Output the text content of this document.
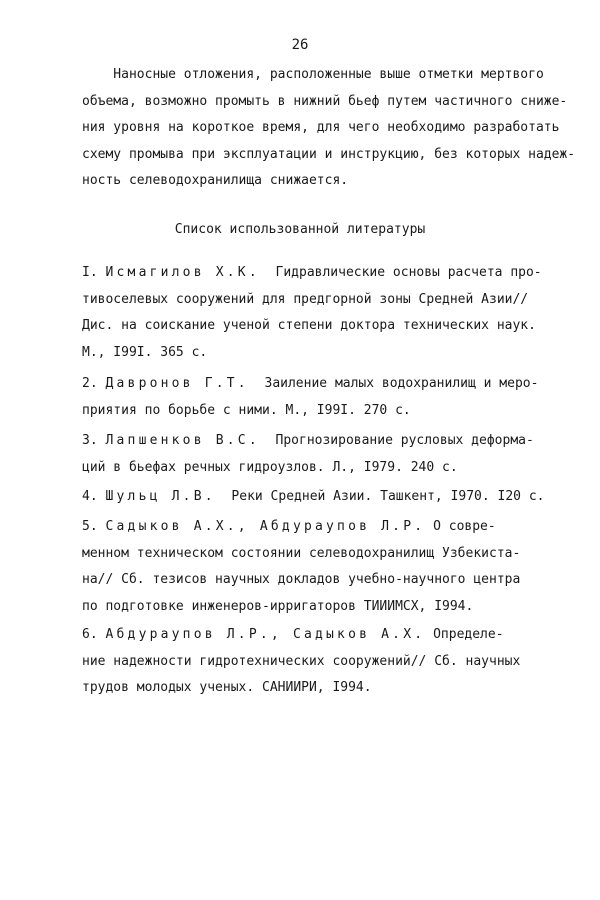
26
Наносные отложения, расположенные выше отметки мертвого
объема, возможно промыть в нижний бьеф путем частичного сниже-
ния уровня на короткое время, для чего необходимо разработать
схему промыва при эксплуатации и инструкцию, без которых надеж-
ность селеводохранилища снижается.
Список использованной литературы
I. Исмагилов Х.К. Гидравлические основы расчета про-
тивоселевых сооружений для предгорной зоны Средней Азии//
Дис. на соискание ученой степени доктора технических наук.
М., I99I. 365 с.
2. Давронов Г.Т. Заиление малых водохранилищ и меро-
приятия по борьбе с ними. М., I99I. 270 с.
3. Лапшенков В.С. Прогнозирование русловых деформа-
ций в бьефах речных гидроузлов. Л., I979. 240 с.
4. Шульц Л.В. Реки Средней Азии. Ташкент, I970. I20 с.
5. Садыков А.Х., Абдураупов Л.Р. О совре-
менном техническом состоянии селеводохранилищ Узбекиста-
на// Сб. тезисов научных докладов учебно-научного центра
по подготовке инженеров-ирригаторов ТИИИМСХ, I994.
6. Абдураупов Л.Р., Садыков А.Х. Определе-
ние надежности гидротехнических сооружений// Сб. научных
трудов молодых ученых. САНИИРИ, I994.
